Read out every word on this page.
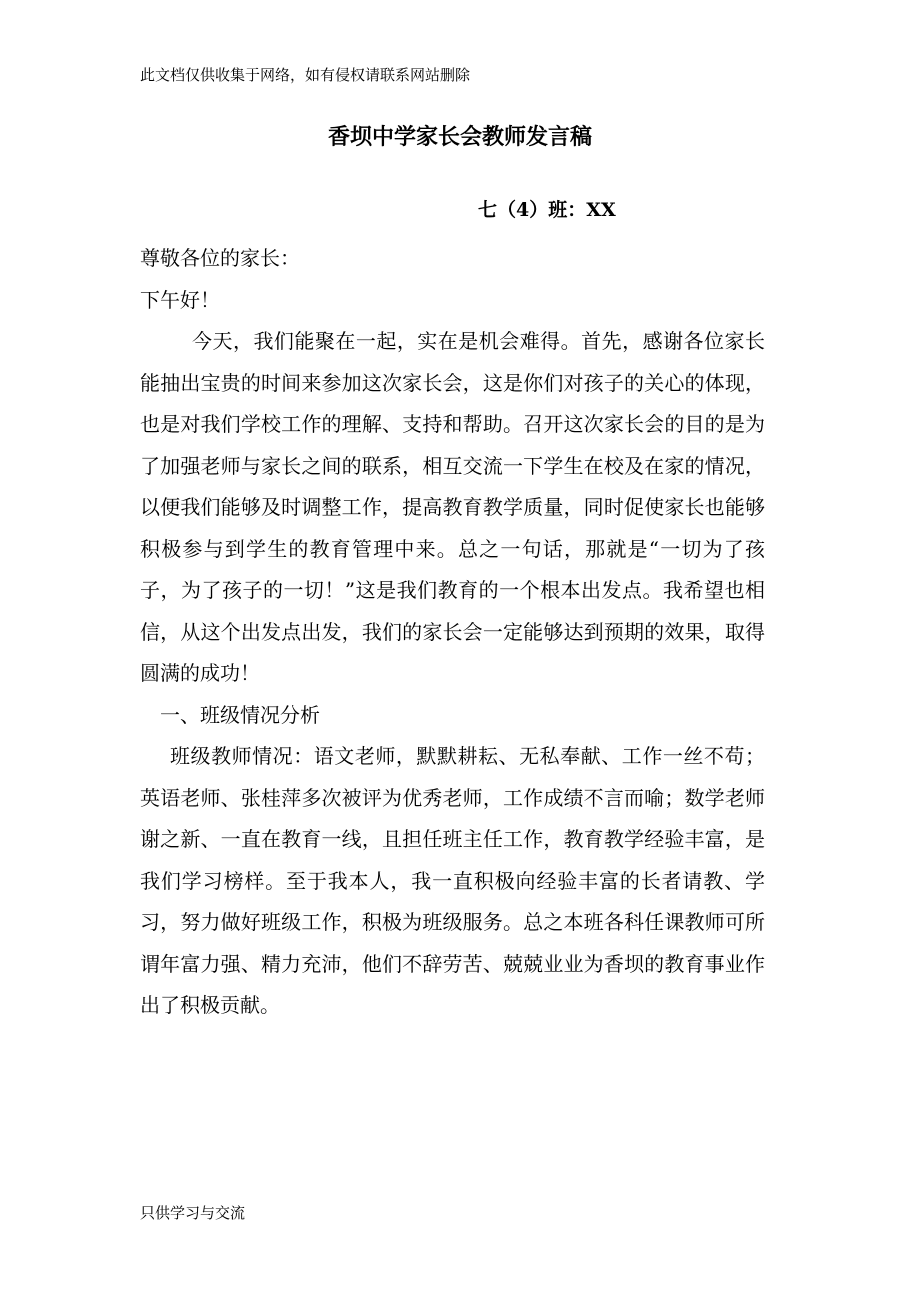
此文档仅供收集于网络，如有侵权请联系网站删除
香坝中学家长会教师发言稿
七（4）班：XX

尊敬各位的家长：

下午好！

今天，我们能聚在一起，实在是机会难得。首先，感谢各位家长能抽出宝贵的时间来参加这次家长会，这是你们对孩子的关心的体现，也是对我们学校工作的理解、支持和帮助。召开这次家长会的目的是为了加强老师与家长之间的联系，相互交流一下学生在校及在家的情况，以便我们能够及时调整工作，提高教育教学质量，同时促使家长也能够积极参与到学生的教育管理中来。总之一句话，那就是“一切为了孩子，为了孩子的一切！”这是我们教育的一个根本出发点。我希望也相信，从这个出发点出发，我们的家长会一定能够达到预期的效果，取得圆满的成功！

一、班级情况分析

班级教师情况：语文老师，默默耕耘、无私奉献、工作一丝不苟；英语老师、张桂萍多次被评为优秀老师，工作成绩不言而喻；数学老师谢之新、一直在教育一线，且担任班主任工作，教育教学经验丰富，是我们学习榜样。至于我本人，我一直积极向经验丰富的长者请教、学习，努力做好班级工作，积极为班级服务。总之本班各科任课教师可所谓年富力强、精力充沛，他们不辞劳苦、兢兢业业为香坝的教育事业作出了积极贡献。

只供学习与交流
